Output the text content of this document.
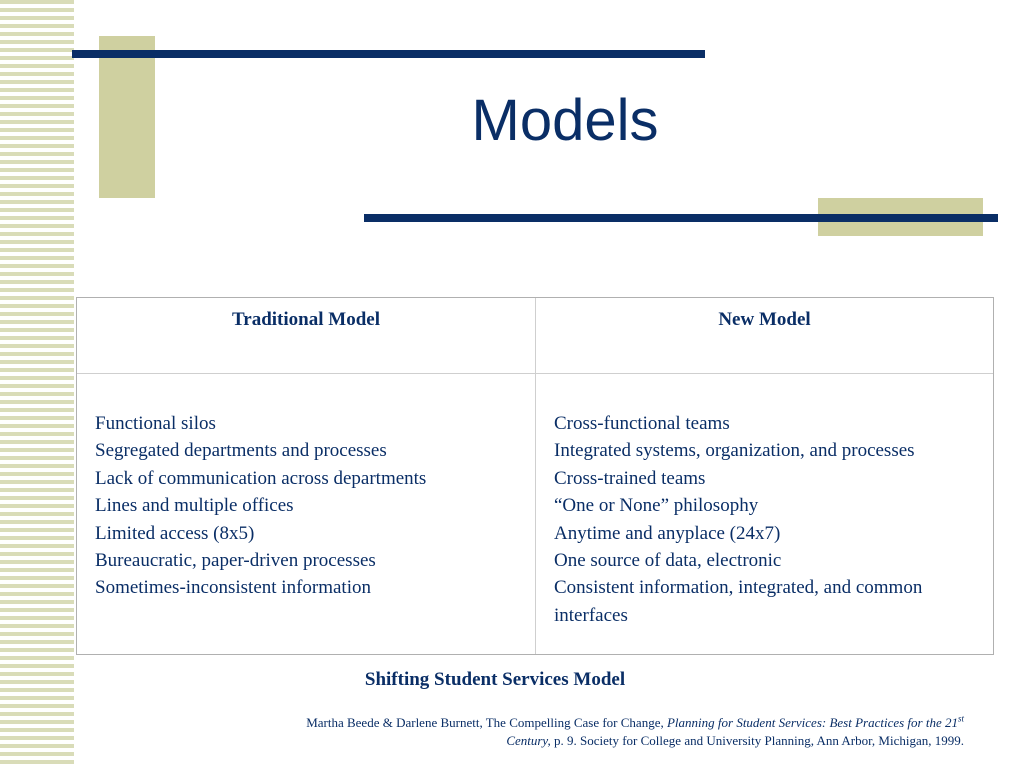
Models
Traditional Model	New Model
Functional silos
Segregated departments and processes
Lack of communication across departments
Lines and multiple offices
Limited access (8x5)
Bureaucratic, paper-driven processes
Sometimes-inconsistent information
Cross-functional teams
Integrated systems, organization, and processes
Cross-trained teams
“One or None” philosophy
Anytime and anyplace (24x7)
One source of data, electronic
Consistent information, integrated, and common interfaces
Shifting Student Services Model
Martha Beede & Darlene Burnett, The Compelling Case for Change, Planning for Student Services: Best Practices for the 21st Century, p. 9. Society for College and University Planning, Ann Arbor, Michigan, 1999.
